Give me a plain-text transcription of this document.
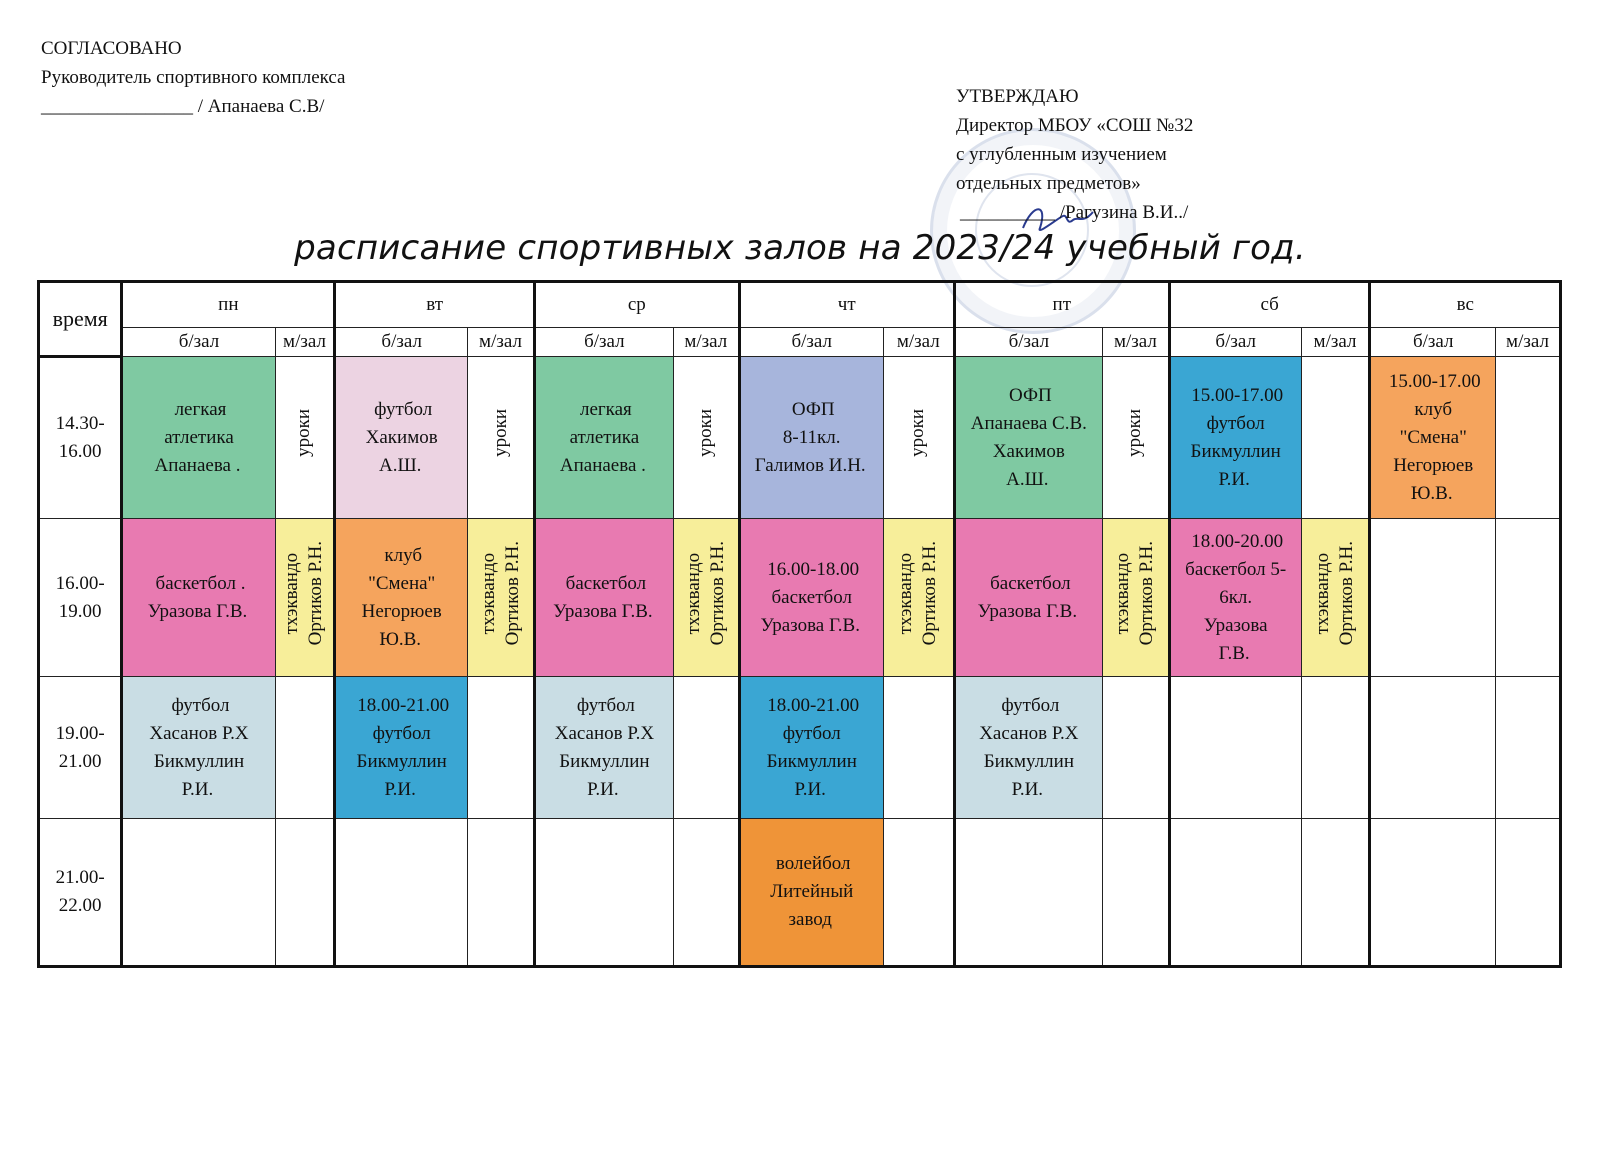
СОГЛАСОВАНО
Руководитель спортивного комплекса
________________ / Апанаева С.В/	УТВЕРЖДАЮ
Директор МБОУ «СОШ №32
с углубленным изучением
отдельных предметов»
__________ /Рагузина В.И../
расписание спортивных залов на 2023/24 учебный год.
время	пн		вт		ср		чт		пт		сб		вс	
	б/зал	м/зал	б/зал	м/зал	б/зал	м/зал	б/зал	м/зал	б/зал	м/зал	б/зал	м/зал	б/зал	м/зал
14.30-
16.00	легкая
атлетика
Апанаева .	уроки	футбол
Хакимов
А.Ш.	уроки	легкая
атлетика
Апанаева .	уроки	ОФП
8-11кл.
Галимов И.Н.	уроки	ОФП
Апанаева С.В.
Хакимов
А.Ш.	уроки	15.00-17.00
футбол
Бикмуллин
Р.И.		15.00-17.00
клуб
"Смена"
Негорюев
Ю.В.	
16.00-
19.00	баскетбол .
Уразова Г.В.	тхэквандо
Ортиков Р.Н.	клуб
"Смена"
Негорюев
Ю.В.	тхэквандо
Ортиков Р.Н.	баскетбол
Уразова Г.В.	тхэквандо
Ортиков Р.Н.	16.00-18.00
баскетбол
Уразова Г.В.	тхэквандо
Ортиков Р.Н.	баскетбол
Уразова Г.В.	тхэквандо
Ортиков Р.Н.	18.00-20.00
баскетбол 5-
6кл.
Уразова
Г.В.	тхэквандо
Ортиков Р.Н.		
19.00-
21.00	футбол
Хасанов Р.Х
Бикмуллин
Р.И.		18.00-21.00
футбол
Бикмуллин
Р.И.		футбол
Хасанов Р.Х
Бикмуллин
Р.И.		18.00-21.00
футбол
Бикмуллин
Р.И.		футбол
Хасанов Р.Х
Бикмуллин
Р.И.					
21.00-
22.00							волейбол
Литейный
завод							
